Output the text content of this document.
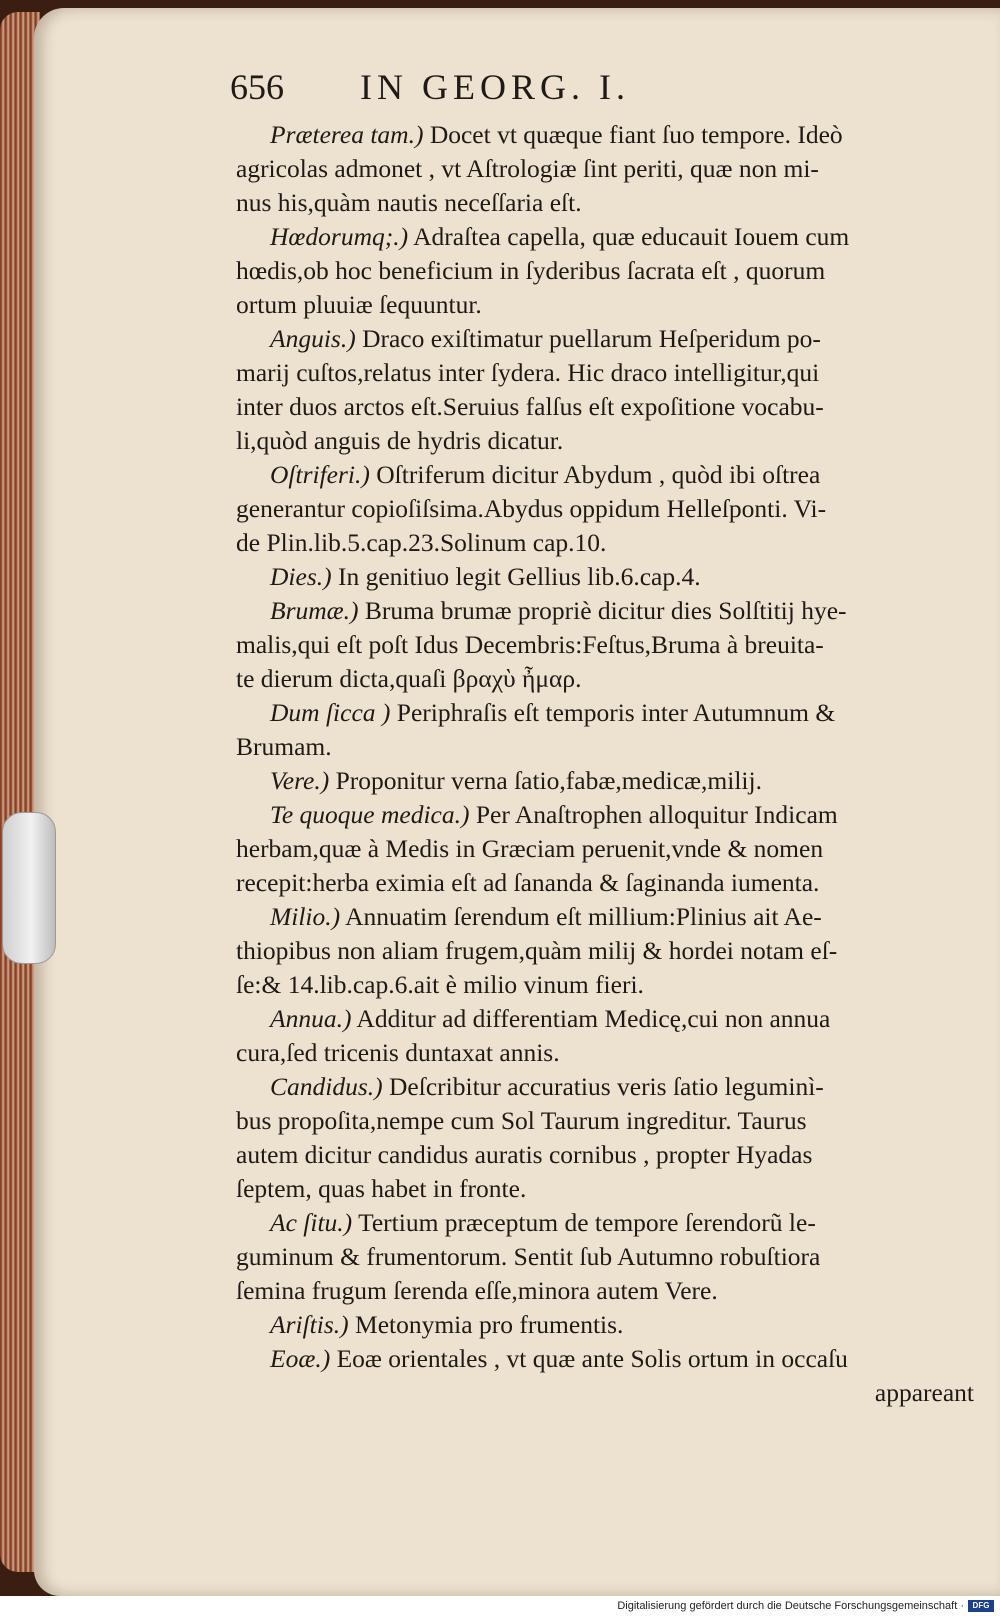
656 IN GEORG. I.
Prӕterea tam.) Docet vt quæque fiant ſuo tempore. Ideò
agricolas admonet , vt Aſtrologiæ ſint periti, quæ non mi-
nus his,quàm nautis neceſſaria eſt.
Hœdorumq;.) Adraſtea capella, quæ educauit Iouem cum
hœdis,ob hoc beneficium in ſyderibus ſacrata eſt , quorum
ortum pluuiæ ſequuntur.
Anguis.) Draco exiſtimatur puellarum Heſperidum po-
marij cuſtos,relatus inter ſydera. Hic draco intelligitur,qui
inter duos arctos eſt.Seruius falſus eſt expoſitione vocabu-
li,quòd anguis de hydris dicatur.
Oſtriferi.) Oſtriferum dicitur Abydum , quòd ibi oſtrea
generantur copioſiſsima.Abydus oppidum Helleſponti. Vi-
de Plin.lib.5.cap.23.Solinum cap.10.
Dies.) In genitiuo legit Gellius lib.6.cap.4.
Brumæ.) Bruma brumæ propriè dicitur dies Solſtitij hye-
malis,qui eſt poſt Idus Decembris:Feſtus,Bruma à breuita-
te dierum dicta,quaſi βραχὺ ἦμαρ.
Dum ſicca ) Periphraſis eſt temporis inter Autumnum &
Brumam.
Vere.) Proponitur verna ſatio,fabæ,medicæ,milij.
Te quoque medica.) Per Anaſtrophen alloquitur Indicam
herbam,quæ à Medis in Græciam peruenit,vnde & nomen
recepit:herba eximia eſt ad ſananda & ſaginanda iumenta.
Milio.) Annuatim ſerendum eſt millium:Plinius ait Ae-
thiopibus non aliam frugem,quàm milij & hordei notam eſ-
ſe:& 14.lib.cap.6.ait è milio vinum fieri.
Annua.) Additur ad differentiam Medicę,cui non annua
cura,ſed tricenis duntaxat annis.
Candidus.) Deſcribitur accuratius veris ſatio leguminì-
bus propoſita,nempe cum Sol Taurum ingreditur. Taurus
autem dicitur candidus auratis cornibus , propter Hyadas
ſeptem, quas habet in fronte.
Ac ſitu.) Tertium præceptum de tempore ſerendorũ le-
guminum & frumentorum. Sentit ſub Autumno robuſtiora
ſemina frugum ſerenda eſſe,minora autem Vere.
Ariſtis.) Metonymia pro frumentis.
Eoæ.) Eoæ orientales , vt quæ ante Solis ortum in occaſu
appareant
Digitalisierung gefördert durch die Deutsche Forschungsgemeinschaft ·	DFG
